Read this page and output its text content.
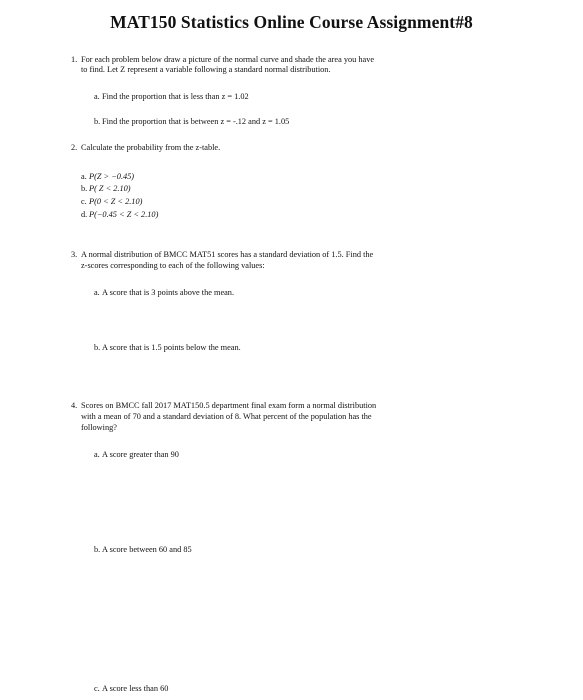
MAT150 Statistics Online Course Assignment#8
1. For each problem below draw a picture of the normal curve and shade the area you have
to find. Let Z represent a variable following a standard normal distribution.
a. Find the proportion that is less than z = 1.02
b. Find the proportion that is between z = -.12 and z = 1.05
2. Calculate the probability from the z-table.
a. P(Z > −0.45)
b. P( Z < 2.10)
c. P(0 < Z < 2.10)
d. P(−0.45 < Z < 2.10)
3. A normal distribution of BMCC MAT51 scores has a standard deviation of 1.5. Find the
z-scores corresponding to each of the following values:
a. A score that is 3 points above the mean.
b. A score that is 1.5 points below the mean.
4. Scores on BMCC fall 2017 MAT150.5 department final exam form a normal distribution
with a mean of 70 and a standard deviation of 8. What percent of the population has the
following?
a. A score greater than 90
b. A score between 60 and 85
c. A score less than 60
